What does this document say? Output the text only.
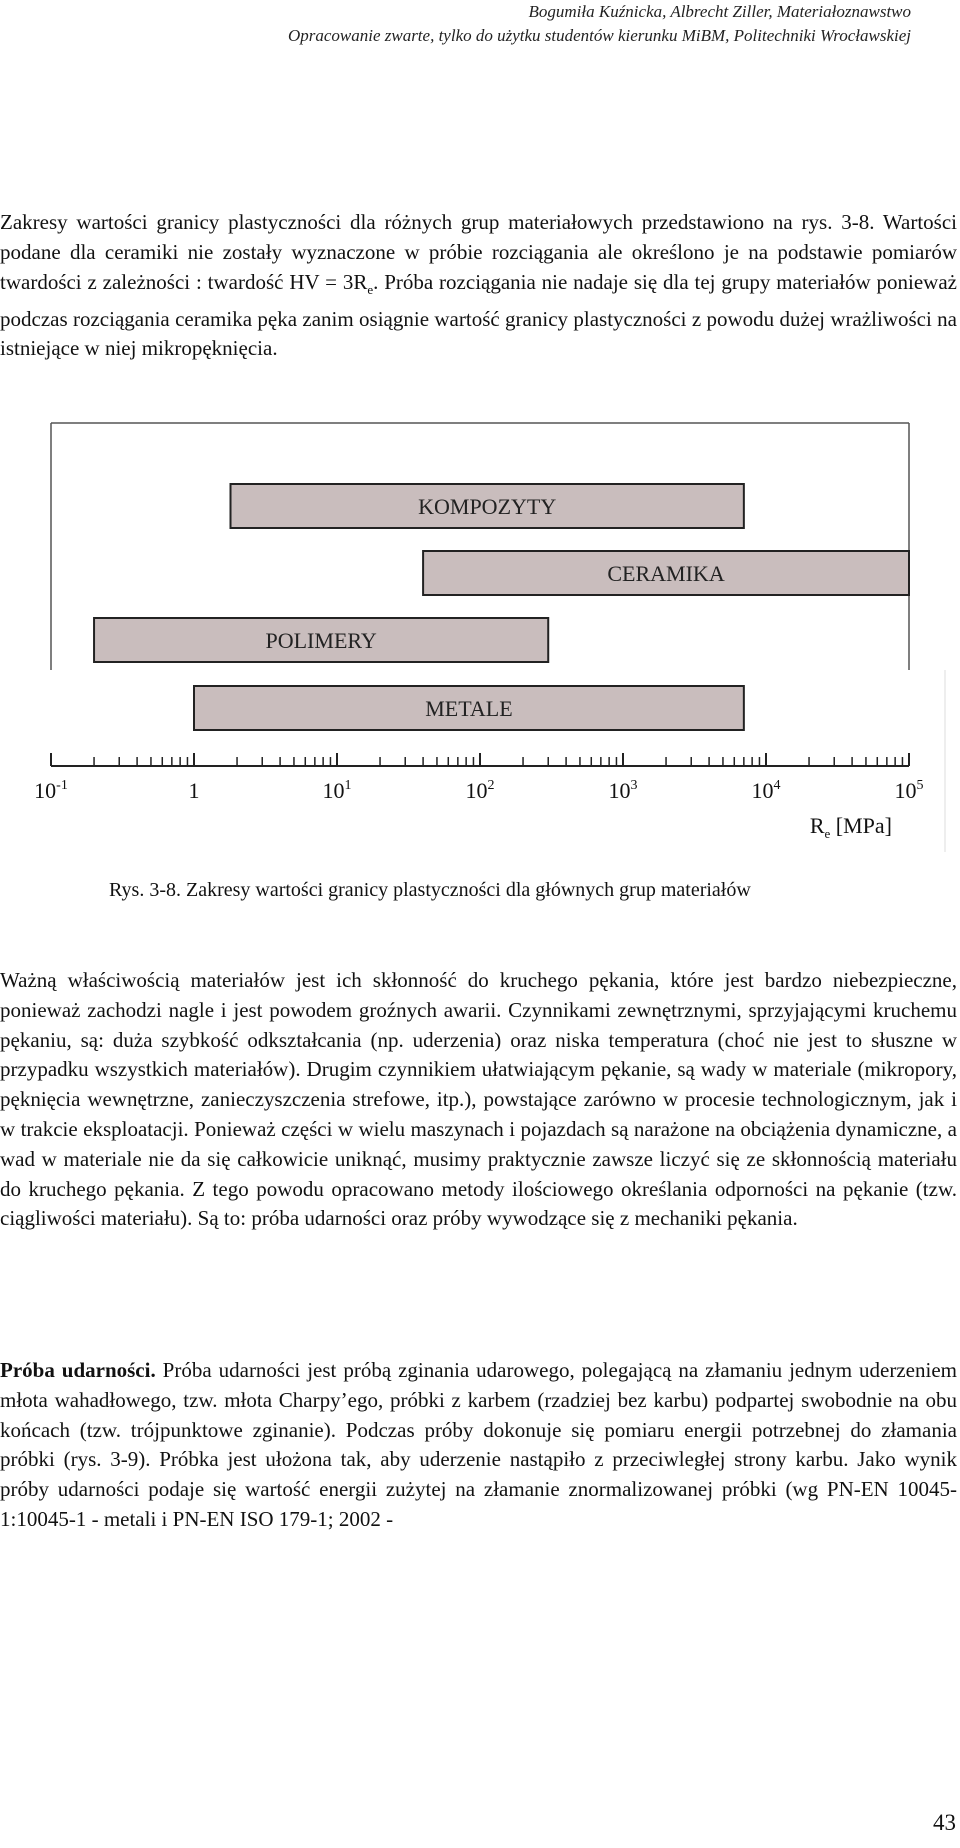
Bogumiła Kuźnicka, Albrecht Ziller, Materiałoznawstwo
Opracowanie zwarte, tylko do użytku studentów kierunku MiBM, Politechniki Wrocławskiej

Zakresy wartości granicy plastyczności dla różnych grup materiałowych przedstawiono na rys. 3-8. Wartości podane dla ceramiki nie zostały wyznaczone w próbie rozciągania ale określono je na podstawie pomiarów twardości z zależności : twardość HV = $3R_e$. Próba rozciągania nie nadaje się dla tej grupy materiałów ponieważ podczas rozciągania ceramika pęka zanim osiągnie wartość granicy plastyczności z powodu dużej wrażliwości na istniejące w niej mikropęknięcia.

KOMPOZYTY
CERAMIKA
POLIMERY
METALE
$10^{-1}$	1	$10^1$	$10^2$	$10^3$	$10^4$	$10^5$
$R_e$ [MPa]
Rys. 3-8. Zakresy wartości granicy plastyczności dla głównych grup materiałów

Ważną właściwością materiałów jest ich skłonność do kruchego pękania, które jest bardzo niebezpieczne, ponieważ zachodzi nagle i jest powodem groźnych awarii. Czynnikami zewnętrznymi, sprzyjającymi kruchemu pękaniu, są: duża szybkość odkształcania (np. uderzenia) oraz niska temperatura (choć nie jest to słuszne w przypadku wszystkich materiałów). Drugim czynnikiem ułatwiającym pękanie, są wady w materiale (mikropory, pęknięcia wewnętrzne, zanieczyszczenia strefowe, itp.), powstające zarówno w procesie technologicznym, jak i w trakcie eksploatacji. Ponieważ części w wielu maszynach i pojazdach są narażone na obciążenia dynamiczne, a wad w materiale nie da się całkowicie uniknąć, musimy praktycznie zawsze liczyć się ze skłonnością materiału do kruchego pękania. Z tego powodu opracowano metody ilościowego określania odporności na pękanie (tzw. ciągliwości materiału). Są to: próba udarności oraz próby wywodzące się z mechaniki pękania.

Próba udarności. Próba udarności jest próbą zginania udarowego, polegającą na złamaniu jednym uderzeniem młota wahadłowego, tzw. młota Charpy’ego, próbki z karbem (rzadziej bez karbu) podpartej swobodnie na obu końcach (tzw. trójpunktowe zginanie). Podczas próby dokonuje się pomiaru energii potrzebnej do złamania próbki (rys. 3-9). Próbka jest ułożona tak, aby uderzenie nastąpiło z przeciwległej strony karbu. Jako wynik próby udarności podaje się wartość energii zużytej na złamanie znormalizowanej próbki (wg PN-EN 10045-1:10045-1 - metali i PN-EN ISO 179-1; 2002 -

43
